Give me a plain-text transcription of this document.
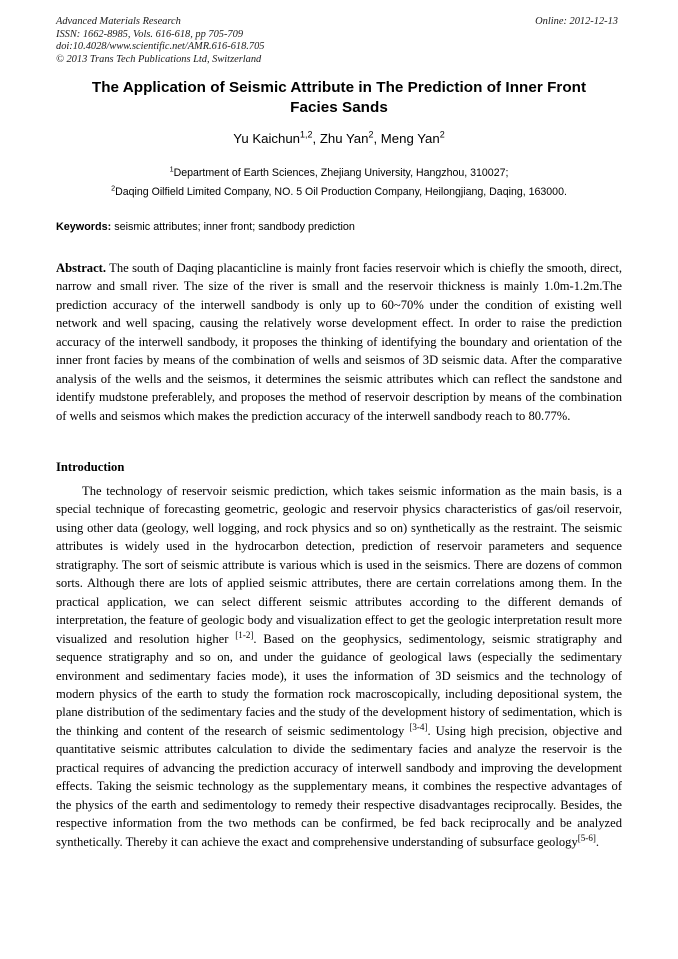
Advanced Materials Research	Online: 2012-12-13
ISSN: 1662-8985, Vols. 616-618, pp 705-709
doi:10.4028/www.scientific.net/AMR.616-618.705
© 2013 Trans Tech Publications Ltd, Switzerland
The Application of Seismic Attribute in The Prediction of Inner Front Facies Sands
Yu Kaichun$^{1,2}$, Zhu Yan$^2$, Meng Yan$^2$
$^1$Department of Earth Sciences, Zhejiang University, Hangzhou, 310027;
$^2$Daqing Oilfield Limited Company, NO. 5 Oil Production Company, Heilongjiang, Daqing, 163000.
Keywords: seismic attributes; inner front; sandbody prediction
Abstract. The south of Daqing placanticline is mainly front facies reservoir which is chiefly the smooth, direct, narrow and small river. The size of the river is small and the reservoir thickness is mainly 1.0m-1.2m.The prediction accuracy of the interwell sandbody is only up to 60~70% under the condition of existing well network and well spacing, causing the relatively worse development effect. In order to raise the prediction accuracy of the interwell sandbody, it proposes the thinking of identifying the boundary and orientation of the inner front facies by means of the combination of wells and seismos of 3D seismic data. After the comparative analysis of the wells and the seismos, it determines the seismic attributes which can reflect the sandstone and identify mudstone preferablely, and proposes the method of reservoir description by means of the combination of wells and seismos which makes the prediction accuracy of the interwell sandbody reach to 80.77%.
Introduction
The technology of reservoir seismic prediction, which takes seismic information as the main basis, is a special technique of forecasting geometric, geologic and reservoir physics characteristics of gas/oil reservoir, using other data (geology, well logging, and rock physics and so on) synthetically as the restraint. The seismic attributes is widely used in the hydrocarbon detection, prediction of reservoir parameters and sequence stratigraphy. The sort of seismic attribute is various which is used in the seismics. There are dozens of common sorts. Although there are lots of applied seismic attributes, there are certain correlations among them. In the practical application, we can select different seismic attributes according to the different demands of interpretation, the feature of geologic body and visualization effect to get the geologic interpretation result more visualized and resolution higher [1-2]. Based on the geophysics, sedimentology, seismic stratigraphy and sequence stratigraphy and so on, and under the guidance of geological laws (especially the sedimentary environment and sedimentary facies mode), it uses the information of 3D seismics and the technology of modern physics of the earth to study the formation rock macroscopically, including depositional system, the plane distribution of the sedimentary facies and the study of the development history of sedimentation, which is the thinking and content of the research of seismic sedimentology [3-4]. Using high precision, objective and quantitative seismic attributes calculation to divide the sedimentary facies and analyze the reservoir is the practical requires of advancing the prediction accuracy of interwell sandbody and improving the development effects. Taking the seismic technology as the supplementary means, it combines the respective advantages of the physics of the earth and sedimentology to remedy their respective disadvantages reciprocally. Besides, the respective information from the two methods can be confirmed, be fed back reciprocally and be analyzed synthetically. Thereby it can achieve the exact and comprehensive understanding of subsurface geology[5-6].
